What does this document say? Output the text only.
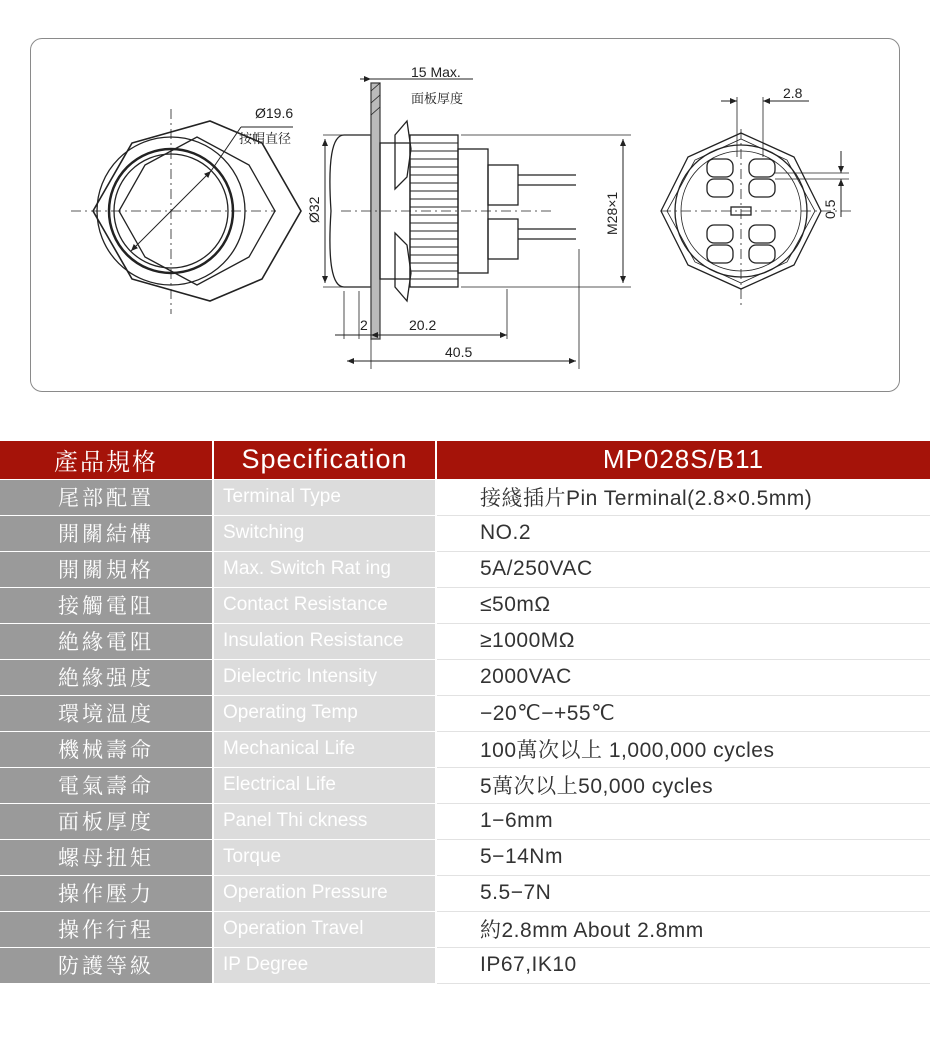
Ø19.6
按帽直径
15 Max.
面板厚度
Ø32	M28×1
2	20.2
40.5
2.8
0.5
產品規格	Specification	MP028S/B11
尾部配置	Terminal Type	接綫插片Pin Terminal(2.8×0.5mm)
開關結構	Switching	NO.2
開關規格	Max. Switch Rat ing	5A/250VAC
接觸電阻	Contact Resistance	≤50mΩ
絶緣電阻	Insulation Resistance	≥1000MΩ
絶緣强度	Dielectric Intensity	2000VAC
環境温度	Operating Temp	−20℃−+55℃
機械壽命	Mechanical Life	100萬次以上 1,000,000 cycles
電氣壽命	Electrical Life	5萬次以上50,000 cycles
面板厚度	Panel Thi ckness	1−6mm
螺母扭矩	Torque	5−14Nm
操作壓力	Operation Pressure	5.5−7N
操作行程	Operation Travel	約2.8mm About 2.8mm
防護等級	IP Degree	IP67,IK10
